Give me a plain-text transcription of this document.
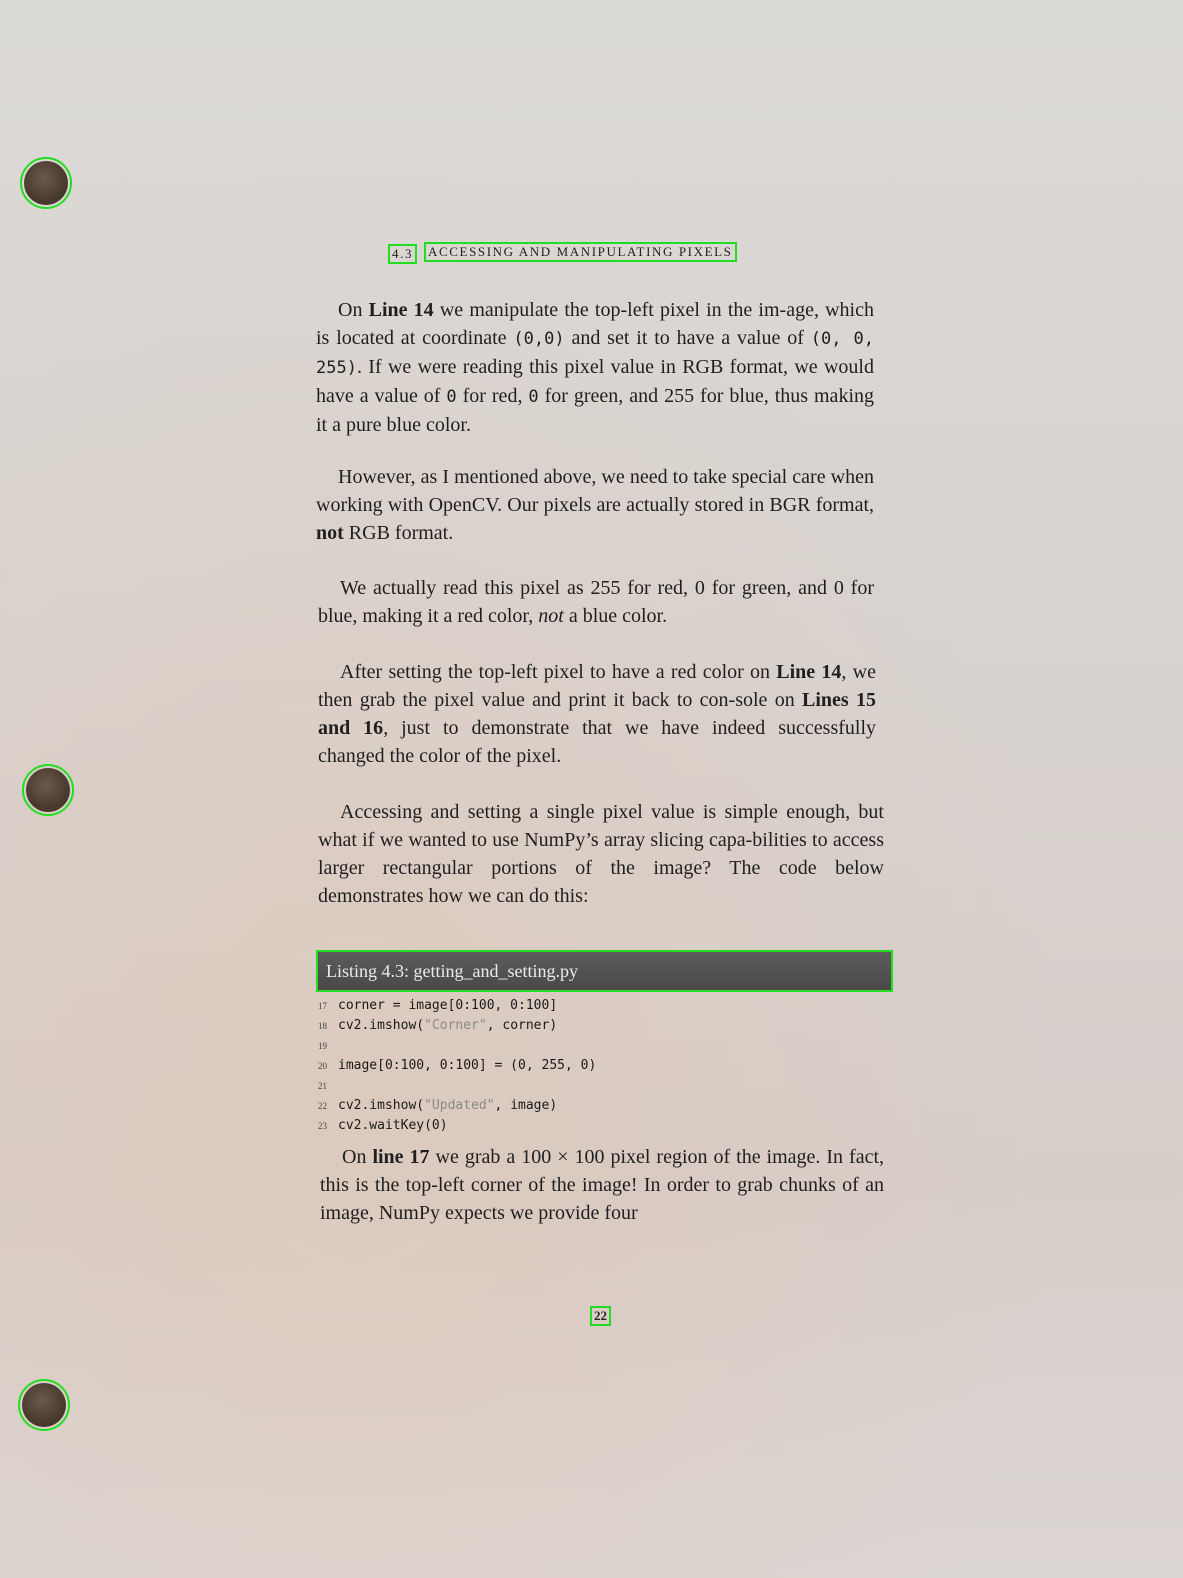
4.3	ACCESSING AND MANIPULATING PIXELS

On Line 14 we manipulate the top-left pixel in the im-age, which is located at coordinate (0,0) and set it to have a value of (0, 0, 255). If we were reading this pixel value in RGB format, we would have a value of 0 for red, 0 for green, and 255 for blue, thus making it a pure blue color.

However, as I mentioned above, we need to take special care when working with OpenCV. Our pixels are actually stored in BGR format, not RGB format.

We actually read this pixel as 255 for red, 0 for green, and 0 for blue, making it a red color, not a blue color.

After setting the top-left pixel to have a red color on Line 14, we then grab the pixel value and print it back to con-sole on Lines 15 and 16, just to demonstrate that we have indeed successfully changed the color of the pixel.

Accessing and setting a single pixel value is simple enough, but what if we wanted to use NumPy’s array slicing capa-bilities to access larger rectangular portions of the image? The code below demonstrates how we can do this:

Listing 4.3: getting_and_setting.py
17 corner = image[0:100, 0:100]
18 cv2.imshow("Corner", corner)
19
20 image[0:100, 0:100] = (0, 255, 0)
21
22 cv2.imshow("Updated", image)
23 cv2.waitKey(0)

On line 17 we grab a 100 × 100 pixel region of the image. In fact, this is the top-left corner of the image! In order to grab chunks of an image, NumPy expects we provide four

22
